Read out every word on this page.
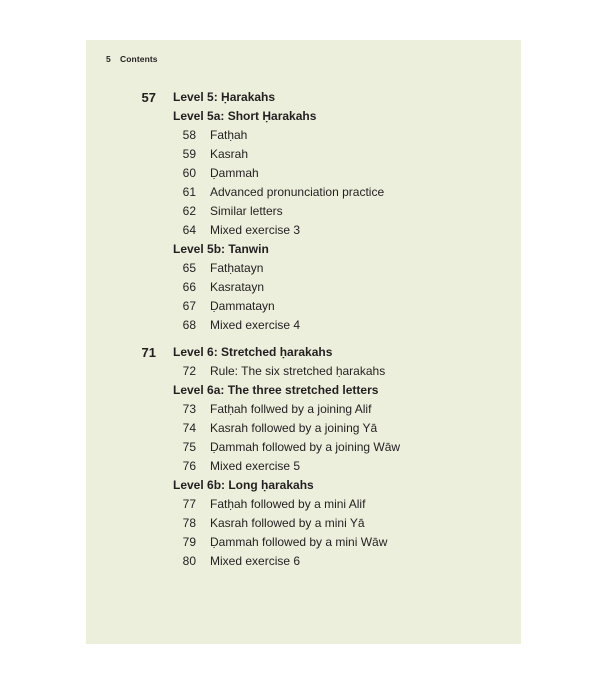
5 Contents
57 Level 5: Ḥarakahs
Level 5a: Short Ḥarakahs
58 Fatḥah
59 Kasrah
60 Ḍammah
61 Advanced pronunciation practice
62 Similar letters
64 Mixed exercise 3
Level 5b: Tanwin
65 Fatḥatayn
66 Kasratayn
67 Ḍammatayn
68 Mixed exercise 4
71 Level 6: Stretched ḥarakahs
72 Rule: The six stretched ḥarakahs
Level 6a: The three stretched letters
73 Fatḥah follwed by a joining Alif
74 Kasrah followed by a joining Yā
75 Ḍammah followed by a joining Wāw
76 Mixed exercise 5
Level 6b: Long ḥarakahs
77 Fatḥah followed by a mini Alif
78 Kasrah followed by a mini Yā
79 Ḍammah followed by a mini Wāw
80 Mixed exercise 6
